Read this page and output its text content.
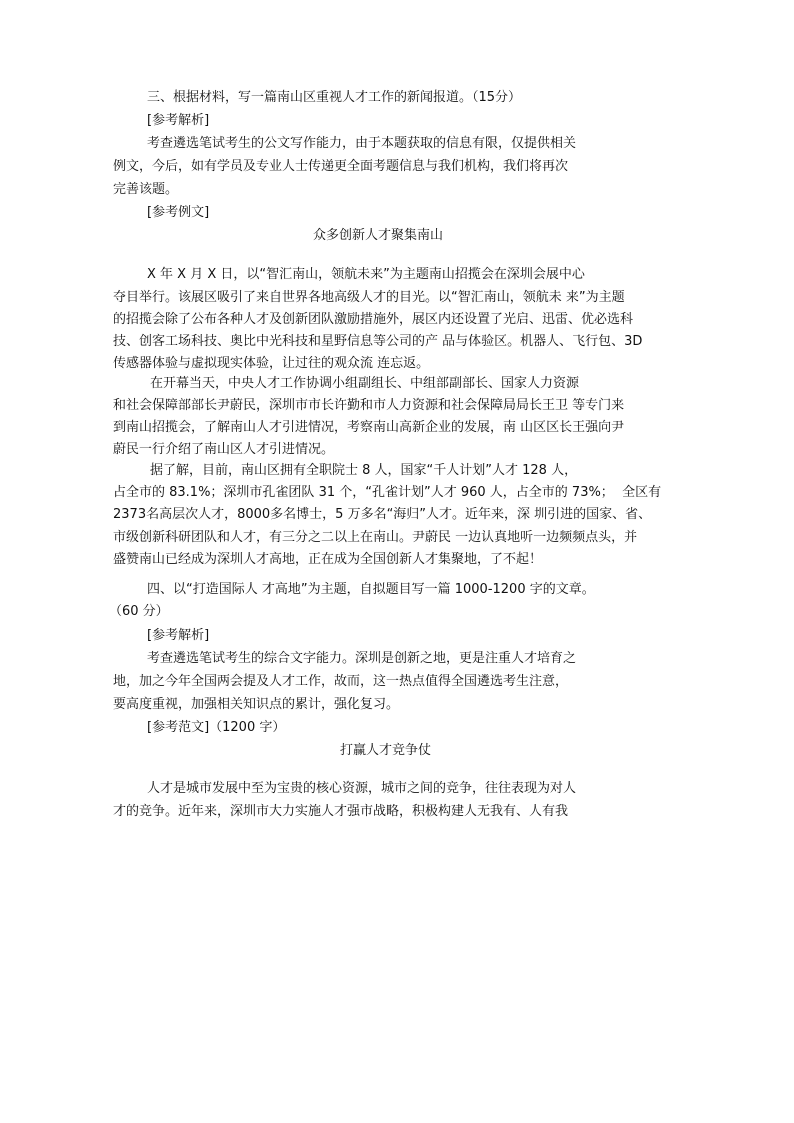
三、根据材料，写一篇南山区重视人才工作的新闻报道。（15分）
[参考解析]
考查遴选笔试考生的公文写作能力，由于本题获取的信息有限，仅提供相关
例文，今后，如有学员及专业人士传递更全面考题信息与我们机构，我们将再次
完善该题。
[参考例文]
众多创新人才聚集南山
X 年 X 月 X 日，以“智汇南山，领航未来”为主题南山招揽会在深圳会展中心
夺目举行。该展区吸引了来自世界各地高级人才的目光。以“智汇南山，领航未 来”为主题
的招揽会除了公布各种人才及创新团队激励措施外，展区内还设置了光启、迅雷、优必选科
技、创客工场科技、奥比中光科技和星野信息等公司的产 品与体验区。机器人、飞行包、3D
传感器体验与虚拟现实体验，让过往的观众流 连忘返。
在开幕当天，中央人才工作协调小组副组长、中组部副部长、国家人力资源
和社会保障部部长尹蔚民，深圳市市长许勤和市人力资源和社会保障局局长王卫 等专门来
到南山招揽会，了解南山人才引进情况，考察南山高新企业的发展，南 山区区长王强向尹
蔚民一行介绍了南山区人才引进情况。
据了解，目前，南山区拥有全职院士 8 人，国家“千人计划”人才 128 人，
占全市的 83.1%；深圳市孔雀团队 31 个，“孔雀计划”人才 960 人，占全市的 73%；  全区有
2373名高层次人才，8000多名博士，5 万多名“海归”人才。近年来，深 圳引进的国家、省、
市级创新科研团队和人才，有三分之二以上在南山。尹蔚民 一边认真地听一边频频点头，并
盛赞南山已经成为深圳人才高地，正在成为全国创新人才集聚地，了不起！
四、以“打造国际人 才高地”为主题，自拟题目写一篇 1000-1200 字的文章。
（60 分）
[参考解析]
考查遴选笔试考生的综合文字能力。深圳是创新之地，更是注重人才培育之
地，加之今年全国两会提及人才工作，故而，这一热点值得全国遴选考生注意，
要高度重视，加强相关知识点的累计，强化复习。
[参考范文]（1200 字）
打赢人才竞争仗
人才是城市发展中至为宝贵的核心资源，城市之间的竞争，往往表现为对人
才的竞争。近年来，深圳市大力实施人才强市战略，积极构建人无我有、人有我
